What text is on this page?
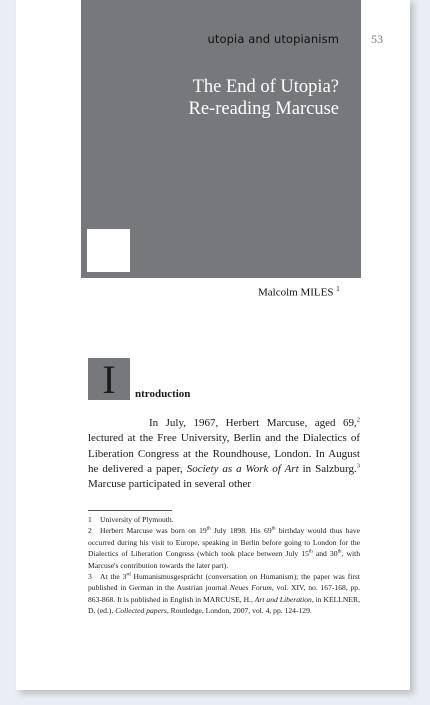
utopia and utopianism
The End of Utopia?
Re-reading Marcuse
53
Malcolm MILES $^1$
I	ntroduction

In July, 1967, Herbert Marcuse, aged 69,$^2$ lectured at the Free University, Berlin and the Dialectics of Liberation Congress at the Roundhouse, London. In August he delivered a paper, Society as a Work of Art in Salzburg.$^3$ Marcuse participated in several other

1 University of Plymouth.

2 Herbert Marcuse was born on 19th July 1898. His 69th birthday would thus have occurred during his visit to Europe, speaking in Berlin before going to London for the Dialectics of Liberation Congress (which took place between July 15th and 30th, with Marcuse's contribution towards the later part).

3 At the 3rd Humanismusgesprächt (conversation on Humanism); the paper was first published in German in the Austrian journal Neues Forum, vol. XIV, no. 167-168, pp. 863-868. It is published in English in MARCUSE, H., Art and Liberation, in KELLNER, D. (ed.), Collected papers, Routledge, London, 2007, vol. 4, pp. 124-129.
